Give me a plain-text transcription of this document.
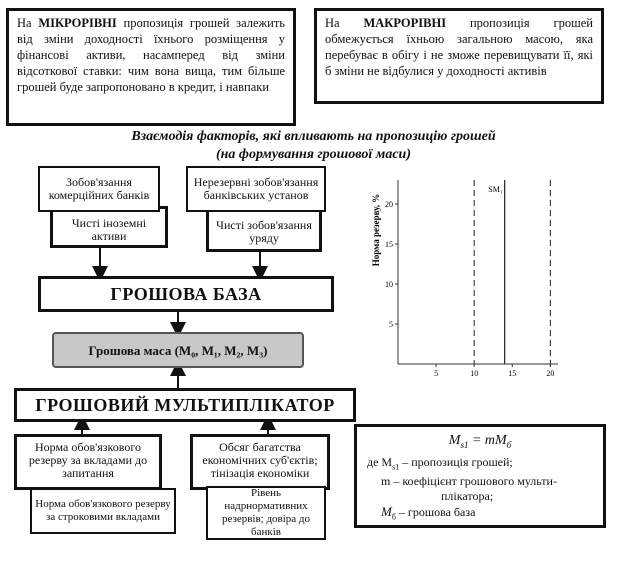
На МІКРОРІВНІ пропозиція грошей залежить від зміни доходності їхнього розміщення у фінансові активи, насамперед від зміни відсоткової ставки: чим вона вища, тим більше грошей буде запропоновано в кредит, і навпаки
На МАКРОРІВНІ пропозиція грошей обмежується їхньою загальною масою, яка перебуває в обігу і не зможе перевищувати її, які б зміни не відбулися у доходності активів
Взаємодія факторів, які впливають на пропозицію грошей
(на формування грошової маси)
Зобов'язання комерційних банків
Чисті іноземні активи
Нерезервні зобов'язання банківських установ
Чисті зобов'язання уряду
ГРОШОВА БАЗА
Грошова маса (M₀, M₁, M₂, M₃)
ГРОШОВИЙ МУЛЬТИПЛІКАТОР
Норма обов'язкового резерву за вкладами до запитання
Норма обов'язкового резерву за строковими вкладами
Обсяг багатства економічних суб'єктів; тінізація економіки
Рівень надрнормативних резервів; довіра до банків
Норма резерву, %
5	10	15	20
5
10
15
20
SM₁
$M_{s1} = mM_б$
де $M_{s1}$ – пропозиція грошей;
m – коефіцієнт грошового мульти-
плікатора;
$M_б$ – грошова база
